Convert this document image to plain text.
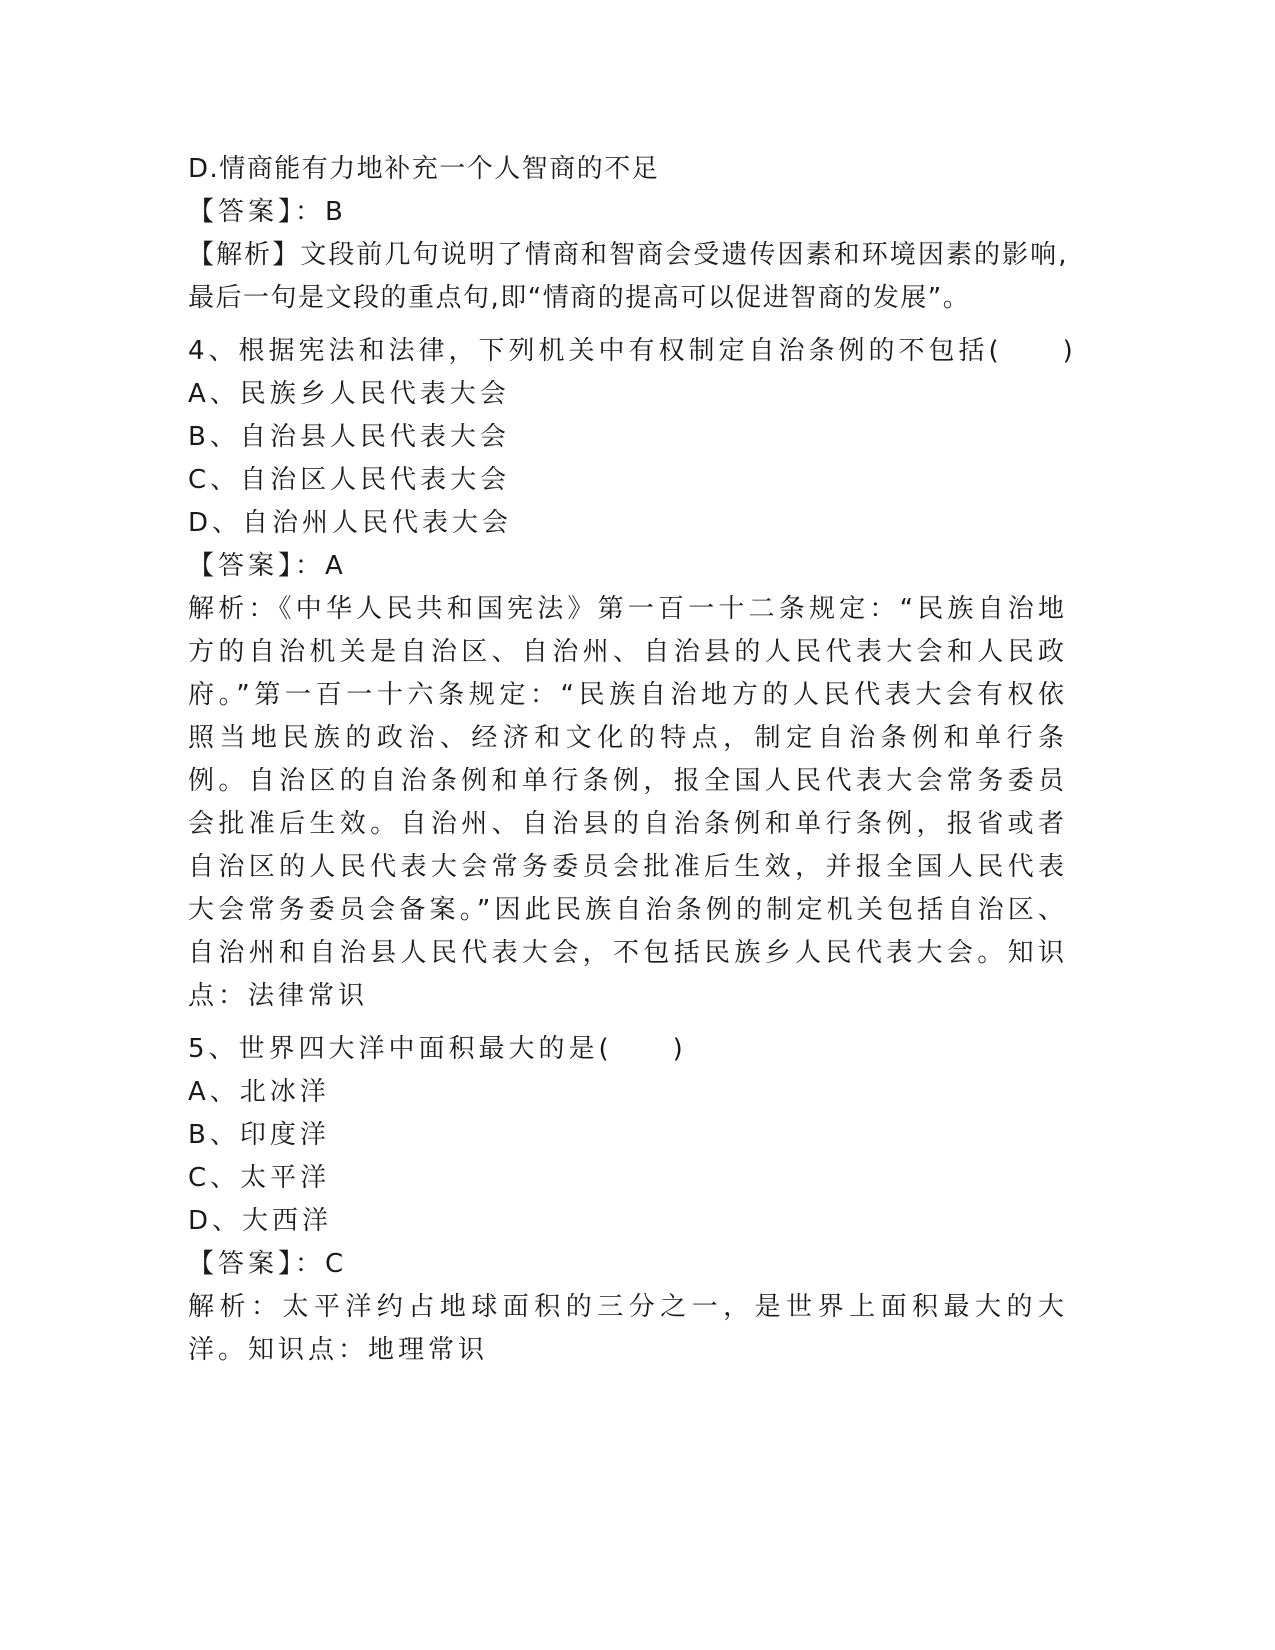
D.情商能有力地补充一个人智商的不足
【答案】：B
【解析】文段前几句说明了情商和智商会受遗传因素和环境因素的影响,最后一句是文段的重点句,即“情商的提高可以促进智商的发展”。
4、根据宪法和法律，下列机关中有权制定自治条例的不包括(　　)
A、民族乡人民代表大会
B、自治县人民代表大会
C、自治区人民代表大会
D、自治州人民代表大会
【答案】：A
解析：《中华人民共和国宪法》第一百一十二条规定：“民族自治地方的自治机关是自治区、自治州、自治县的人民代表大会和人民政府。”第一百一十六条规定：“民族自治地方的人民代表大会有权依照当地民族的政治、经济和文化的特点，制定自治条例和单行条例。自治区的自治条例和单行条例，报全国人民代表大会常务委员会批准后生效。自治州、自治县的自治条例和单行条例，报省或者自治区的人民代表大会常务委员会批准后生效，并报全国人民代表大会常务委员会备案。”因此民族自治条例的制定机关包括自治区、自治州和自治县人民代表大会，不包括民族乡人民代表大会。知识点：法律常识
5、世界四大洋中面积最大的是(　　)
A、北冰洋
B、印度洋
C、太平洋
D、大西洋
【答案】：C
解析：太平洋约占地球面积的三分之一，是世界上面积最大的大洋。知识点：地理常识
